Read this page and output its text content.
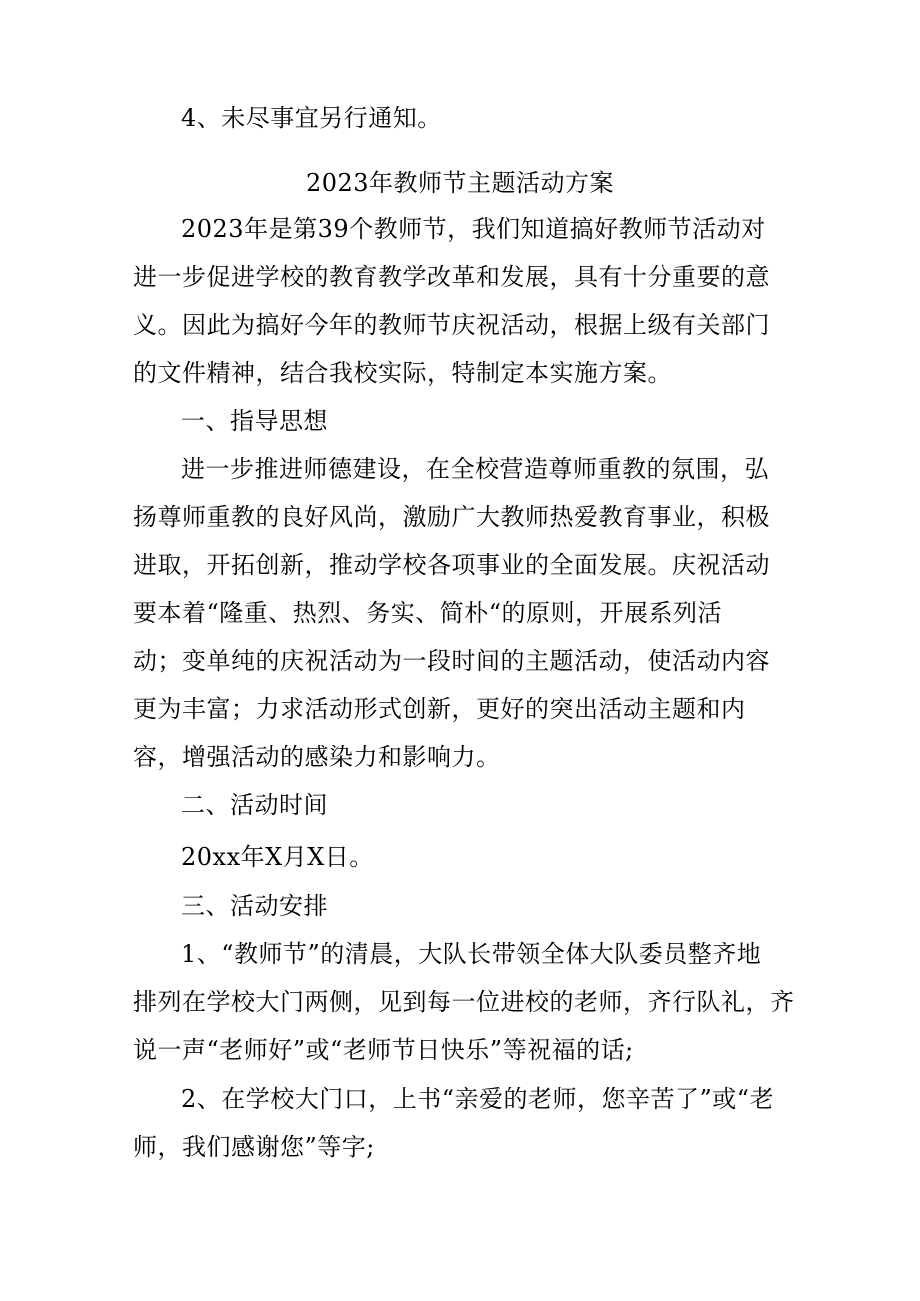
4、未尽事宜另行通知。
2023年教师节主题活动方案
2023年是第39个教师节，我们知道搞好教师节活动对
进一步促进学校的教育教学改革和发展，具有十分重要的意
义。因此为搞好今年的教师节庆祝活动，根据上级有关部门
的文件精神，结合我校实际，特制定本实施方案。
一、指导思想
进一步推进师德建设，在全校营造尊师重教的氛围，弘
扬尊师重教的良好风尚，激励广大教师热爱教育事业，积极
进取，开拓创新，推动学校各项事业的全面发展。庆祝活动
要本着“隆重、热烈、务实、简朴“的原则，开展系列活
动；变单纯的庆祝活动为一段时间的主题活动，使活动内容
更为丰富；力求活动形式创新，更好的突出活动主题和内
容，增强活动的感染力和影响力。
二、活动时间
20xx年X月X日。
三、活动安排
1、“教师节”的清晨，大队长带领全体大队委员整齐地
排列在学校大门两侧，见到每一位进校的老师，齐行队礼，齐
说一声“老师好”或“老师节日快乐”等祝福的话;
2、在学校大门口，上书“亲爱的老师，您辛苦了”或“老
师，我们感谢您”等字;
